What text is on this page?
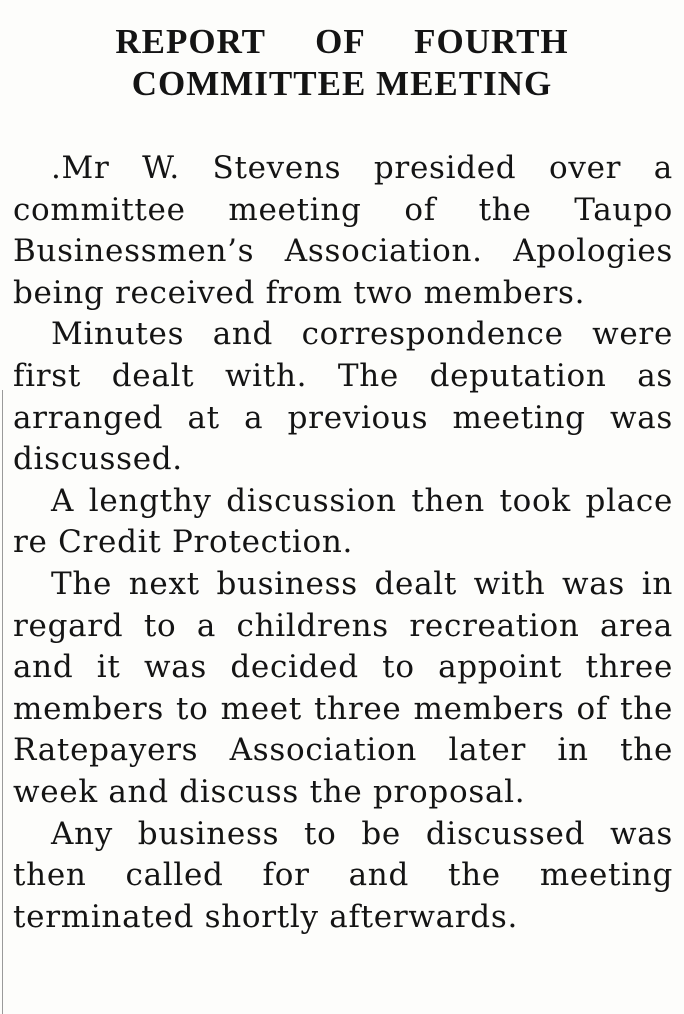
REPORT OF FOURTH
COMMITTEE MEETING

.Mr W. Stevens presided over a committee meeting of the Taupo Businessmen’s Association. Apologies being received from two members.

Minutes and correspondence were first dealt with. The deputation as arranged at a previous meeting was discussed.

A lengthy discussion then took place re Credit Protection.

The next business dealt with was in regard to a childrens recreation area and it was decided to appoint three members to meet three members of the Ratepayers Association later in the week and discuss the proposal.

Any business to be discussed was then called for and the meeting terminated shortly afterwards.
